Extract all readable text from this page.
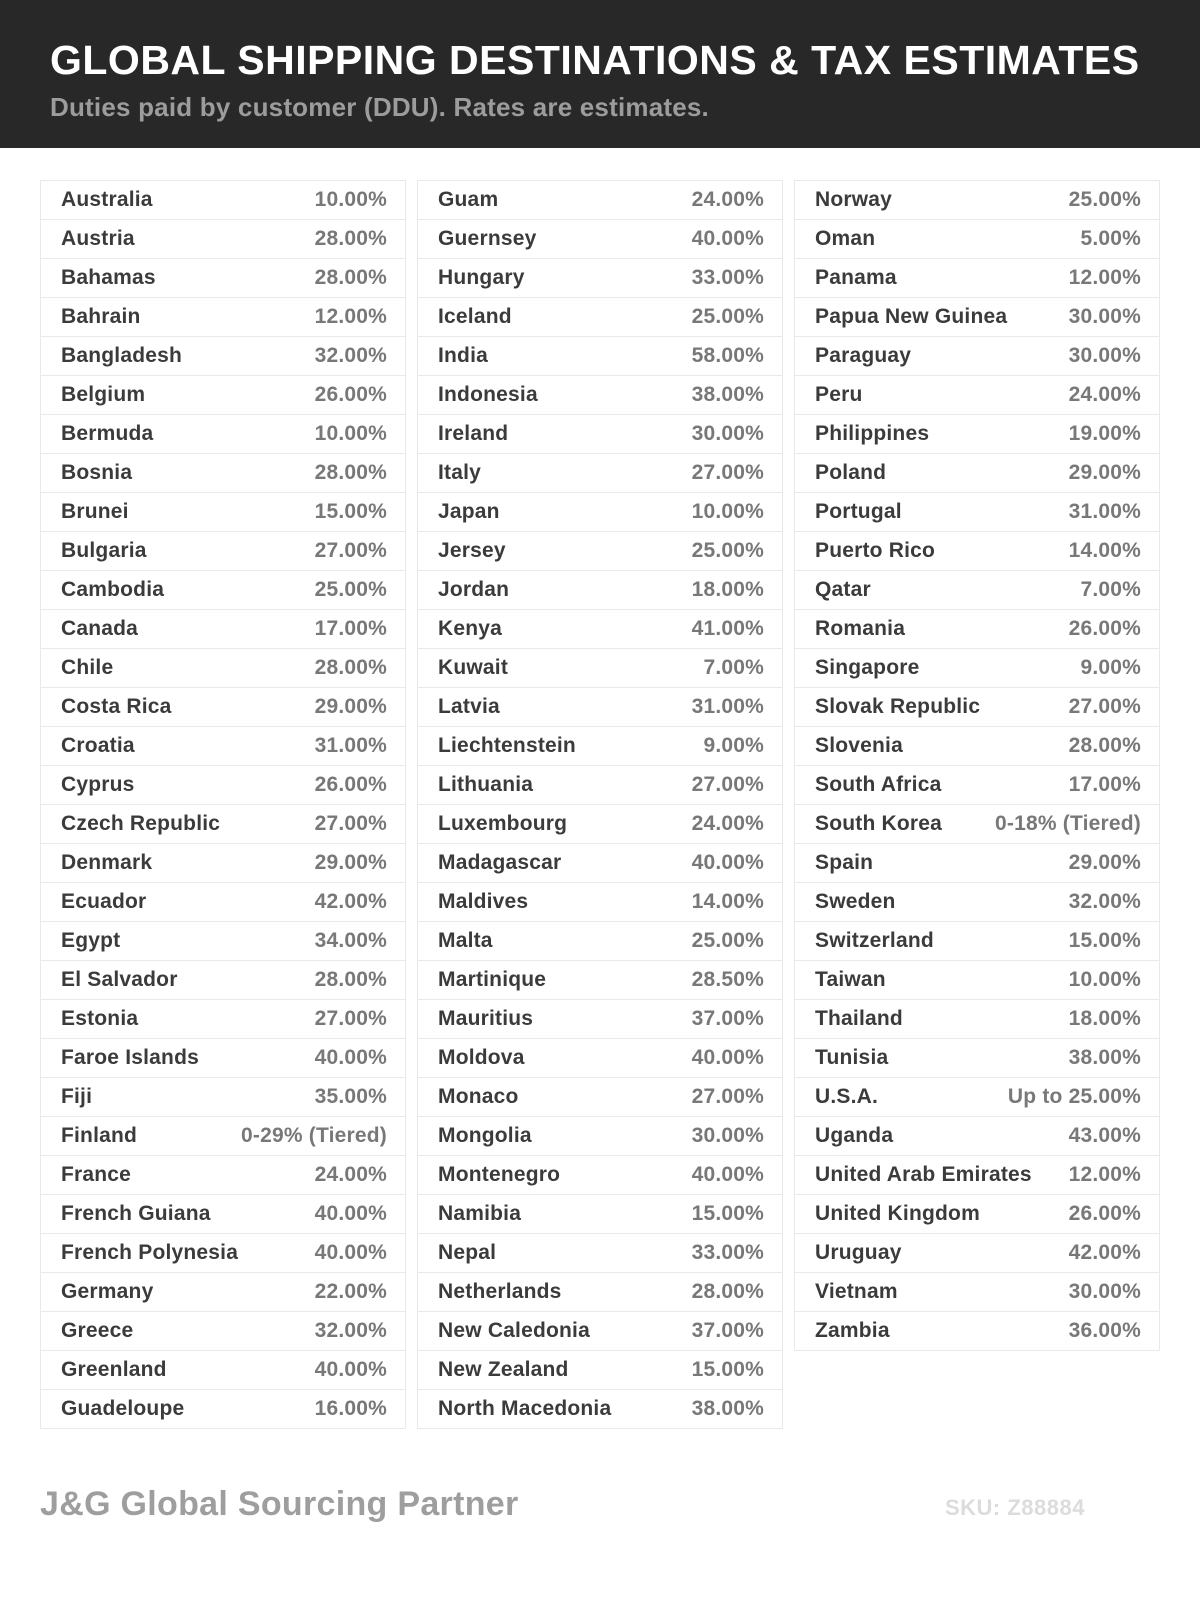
GLOBAL SHIPPING DESTINATIONS & TAX ESTIMATES
Duties paid by customer (DDU). Rates are estimates.
Australia	10.00%
Austria	28.00%
Bahamas	28.00%
Bahrain	12.00%
Bangladesh	32.00%
Belgium	26.00%
Bermuda	10.00%
Bosnia	28.00%
Brunei	15.00%
Bulgaria	27.00%
Cambodia	25.00%
Canada	17.00%
Chile	28.00%
Costa Rica	29.00%
Croatia	31.00%
Cyprus	26.00%
Czech Republic	27.00%
Denmark	29.00%
Ecuador	42.00%
Egypt	34.00%
El Salvador	28.00%
Estonia	27.00%
Faroe Islands	40.00%
Fiji	35.00%
Finland	0-29% (Tiered)
France	24.00%
French Guiana	40.00%
French Polynesia	40.00%
Germany	22.00%
Greece	32.00%
Greenland	40.00%
Guadeloupe	16.00%
Guam	24.00%
Guernsey	40.00%
Hungary	33.00%
Iceland	25.00%
India	58.00%
Indonesia	38.00%
Ireland	30.00%
Italy	27.00%
Japan	10.00%
Jersey	25.00%
Jordan	18.00%
Kenya	41.00%
Kuwait	7.00%
Latvia	31.00%
Liechtenstein	9.00%
Lithuania	27.00%
Luxembourg	24.00%
Madagascar	40.00%
Maldives	14.00%
Malta	25.00%
Martinique	28.50%
Mauritius	37.00%
Moldova	40.00%
Monaco	27.00%
Mongolia	30.00%
Montenegro	40.00%
Namibia	15.00%
Nepal	33.00%
Netherlands	28.00%
New Caledonia	37.00%
New Zealand	15.00%
North Macedonia	38.00%
Norway	25.00%
Oman	5.00%
Panama	12.00%
Papua New Guinea	30.00%
Paraguay	30.00%
Peru	24.00%
Philippines	19.00%
Poland	29.00%
Portugal	31.00%
Puerto Rico	14.00%
Qatar	7.00%
Romania	26.00%
Singapore	9.00%
Slovak Republic	27.00%
Slovenia	28.00%
South Africa	17.00%
South Korea	0-18% (Tiered)
Spain	29.00%
Sweden	32.00%
Switzerland	15.00%
Taiwan	10.00%
Thailand	18.00%
Tunisia	38.00%
U.S.A.	Up to 25.00%
Uganda	43.00%
United Arab Emirates 12.00%
United Kingdom	26.00%
Uruguay	42.00%
Vietnam	30.00%
Zambia	36.00%
J&G Global Sourcing Partner	SKU: Z88884
